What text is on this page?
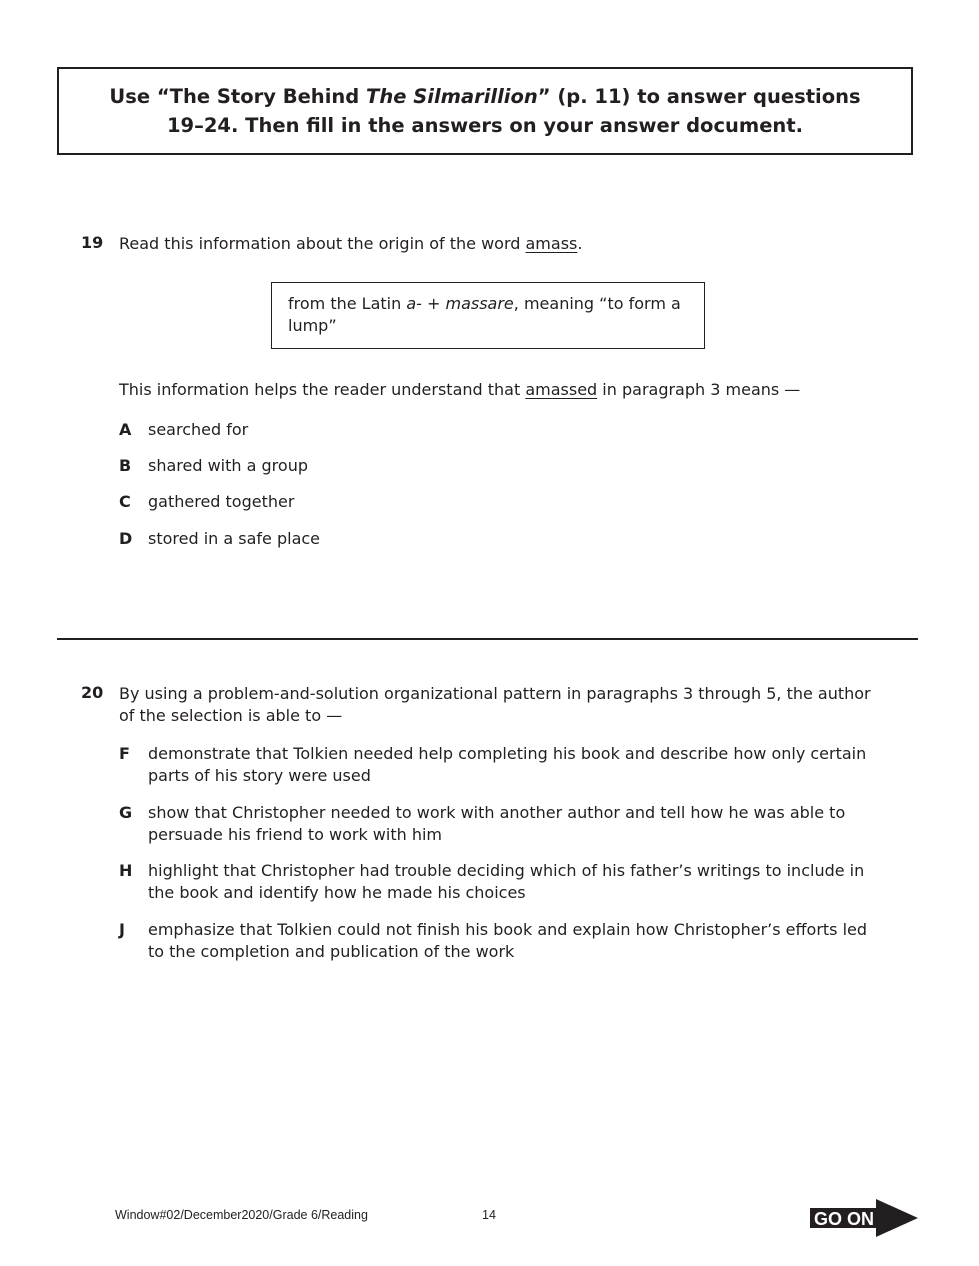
Use “The Story Behind The Silmarillion” (p. 11) to answer questions 19–24. Then fill in the answers on your answer document.
19 Read this information about the origin of the word amass.
from the Latin a- + massare, meaning “to form a lump”
This information helps the reader understand that amassed in paragraph 3 means —
A searched for
B shared with a group
C gathered together
D stored in a safe place
20 By using a problem-and-solution organizational pattern in paragraphs 3 through 5, the author of the selection is able to —
F demonstrate that Tolkien needed help completing his book and describe how only certain parts of his story were used
G show that Christopher needed to work with another author and tell how he was able to persuade his friend to work with him
H highlight that Christopher had trouble deciding which of his father’s writings to include in the book and identify how he made his choices
J emphasize that Tolkien could not finish his book and explain how Christopher’s efforts led to the completion and publication of the work
Window#02/December2020/Grade 6/Reading	14	GO ON
